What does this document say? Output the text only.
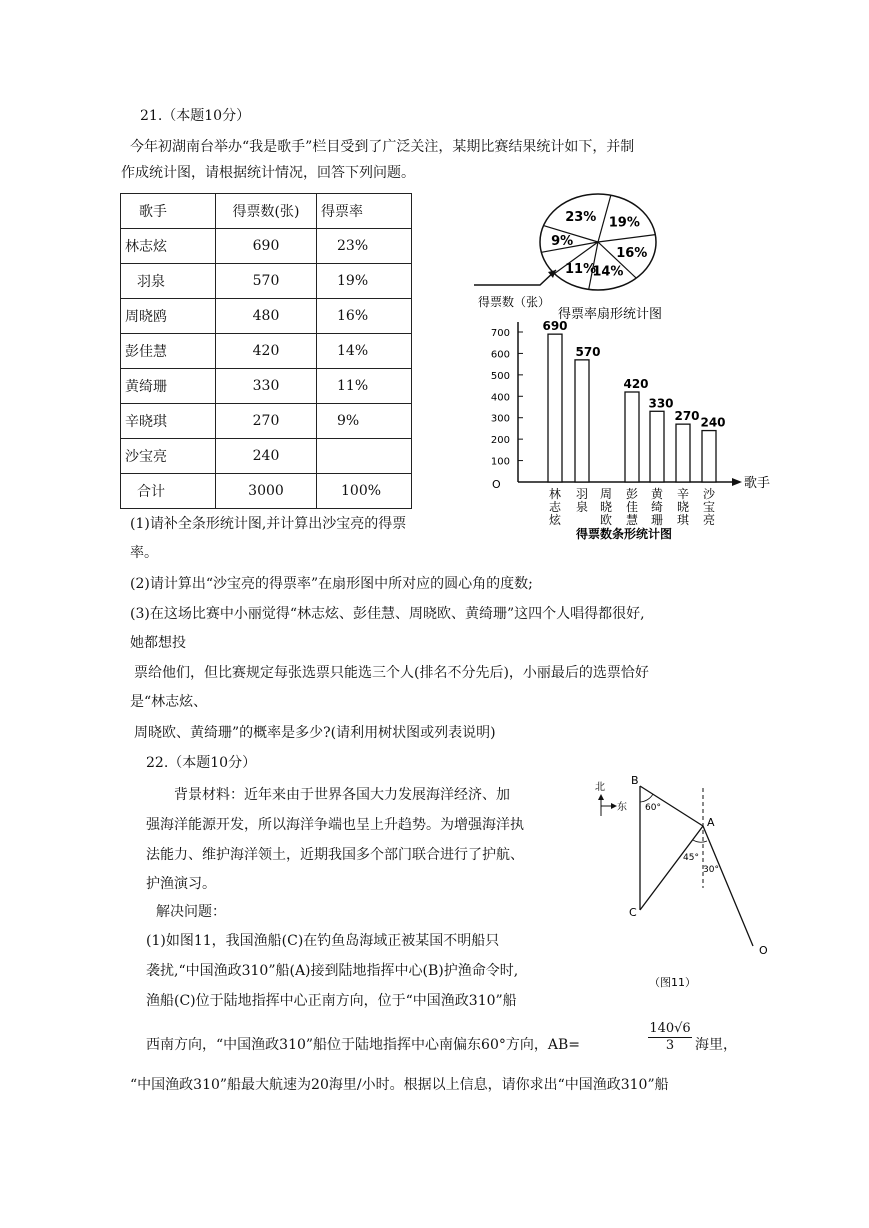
21.（本题10分）
今年初湖南台举办“我是歌手”栏目受到了广泛关注，某期比赛结果统计如下，并制
作成统计图，请根据统计情况，回答下列问题。
歌手	得票数(张)	得票率
林志炫	690	23%
羽泉	570	19%
周晓鸥	480	16%
彭佳慧	420	14%
黄绮珊	330	11%
辛晓琪	270	9%
沙宝亮	240	
合计	3000	100%
23% 19%
16%
14%
11%
9%
得票数（张）
得票率扇形统计图
歌手
O
100
200
300
400
500
600
700
690
林
志
炫
570
羽
泉
周
晓
欧
420
彭
佳
慧
330
黄
绮
珊
270
辛
晓
琪
240
沙
宝
亮
得票数条形统计图
(1)请补全条形统计图,并计算出沙宝亮的得票
率。
(2)请计算出“沙宝亮的得票率”在扇形图中所对应的圆心角的度数;
(3)在这场比赛中小丽觉得“林志炫、彭佳慧、周晓欧、黄绮珊”这四个人唱得都很好,
她都想投
票给他们，但比赛规定每张选票只能选三个人(排名不分先后)，小丽最后的选票恰好
是“林志炫、
周晓欧、黄绮珊”的概率是多少?(请利用树状图或列表说明)
22.（本题10分）
背景材料：近年来由于世界各国大力发展海洋经济、加
强海洋能源开发，所以海洋争端也呈上升趋势。为增强海洋执
法能力、维护海洋领土，近期我国多个部门联合进行了护航、
护渔演习。
解决问题：
(1)如图11，我国渔船(C)在钓鱼岛海域正被某国不明船只
袭扰,“中国渔政310”船(A)接到陆地指挥中心(B)护渔命令时,
渔船(C)位于陆地指挥中心正南方向，位于“中国渔政310”船
西南方向，“中国渔政310”船位于陆地指挥中心南偏东60°方向，AB=	$\frac{140√6}{3}$ 海里，
“中国渔政310”船最大航速为20海里/小时。根据以上信息，请你求出“中国渔政310”船
北
东
B
A
C
O
60°
45°
30°
（图11）
